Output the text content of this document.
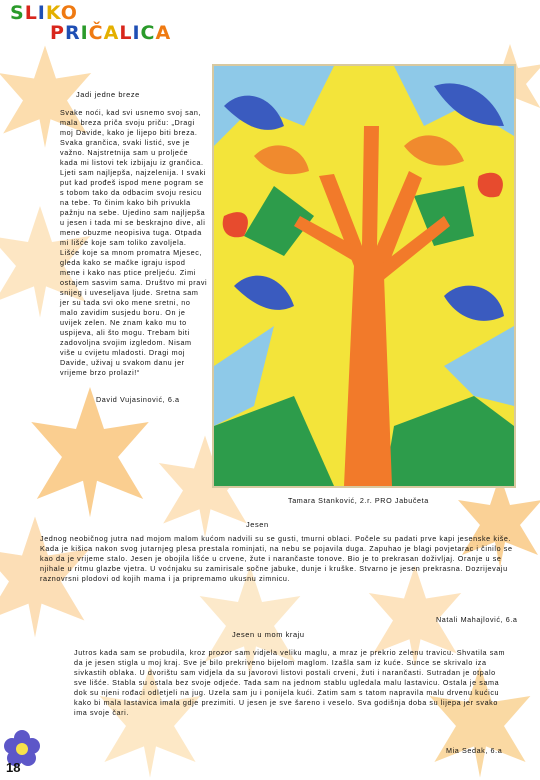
SLIKO
PRIČALICA
Jadi jedne breze
Svake noći, kad svi usnemo svoj san, mala breza priča svoju priču: „Dragi moj Davide, kako je lijepo biti breza. Svaka grančica, svaki listić, sve je važno. Najstretnija sam u proljeće kada mi listovi tek izbijaju iz grančica. Ljeti sam najljepša, najzelenija. I svaki put kad prođeš ispod mene pogram se s tobom tako da odbacim svoju resicu na tebe. To činim kako bih privukla pažnju na sebe. Ujedino sam najljepša u jesen i tada mi se beskrajno dive, ali mene obuzme neopisiva tuga. Otpada mi lišće koje sam toliko zavoljela. Lišće koje sa mnom promatra Mjesec, gleda kako se mačke igraju ispod mene i kako nas ptice preljeću. Zimi ostajem sasvim sama. Društvo mi pravi snijeg i uveseljava ljude. Sretna sam jer su tada svi oko mene sretni, no malo zavidim susjedu boru. On je uvijek zelen. Ne znam kako mu to uspijeva, ali što mogu. Trebam biti zadovoljna svojim izgledom. Nisam više u cvijetu mladosti. Dragi moj Davide, uživaj u svakom danu jer vrijeme brzo prolazi!“
David Vujasinović, 6.a
Tamara Stanković, 2.r. PRO Jabučeta
Jesen
Jednog neobičnog jutra nad mojom malom kućom nadvili su se gusti, tmurni oblaci. Počele su padati prve kapi jesenske kiše. Kada je kišica nakon svog jutarnjeg plesa prestala rominjati, na nebu se pojavila duga. Zapuhao je blagi povjetarac i činilo se kao da je vrijeme stalo. Jesen je obojila lišće u crvene, žute i narančaste tonove. Bio je to prekrasan doživljaj. Oranje u se njihale u ritmu glazbe vjetra. U voćnjaku su zamirisale sočne jabuke, dunje i kruške. Stvarno je jesen prekrasna. Dozrijevaju raznovrsni plodovi od kojih mama i ja pripremamo ukusnu zimnicu.
Natali Mahajlović, 6.a
Jesen u mom kraju
Jutros kada sam se probudila, kroz prozor sam vidjela veliku maglu, a mraz je prekrio zelenu travicu. Shvatila sam da je jesen stigla u moj kraj. Sve je bilo prekriveno bijelom maglom. Izašla sam iz kuće. Sunce se skrivalo iza sivkastih oblaka. U dvorištu sam vidjela da su javorovi listovi postali crveni, žuti i narančasti. Sutradan je otpalo sve lišće. Stabla su ostala bez svoje odjeće. Tada sam na jednom stablu ugledala malu lastavicu. Ostala je sama dok su njeni rođaci odletjeli na jug. Uzela sam ju i ponijela kući. Zatim sam s tatom napravila malu drvenu kućicu kako bi mala lastavica imala gdje prezimiti. U jesen je sve šareno i veselo. Sva godišnja doba su lijepa jer svako ima svoje čari.
Mia Sedak, 6.a
18
